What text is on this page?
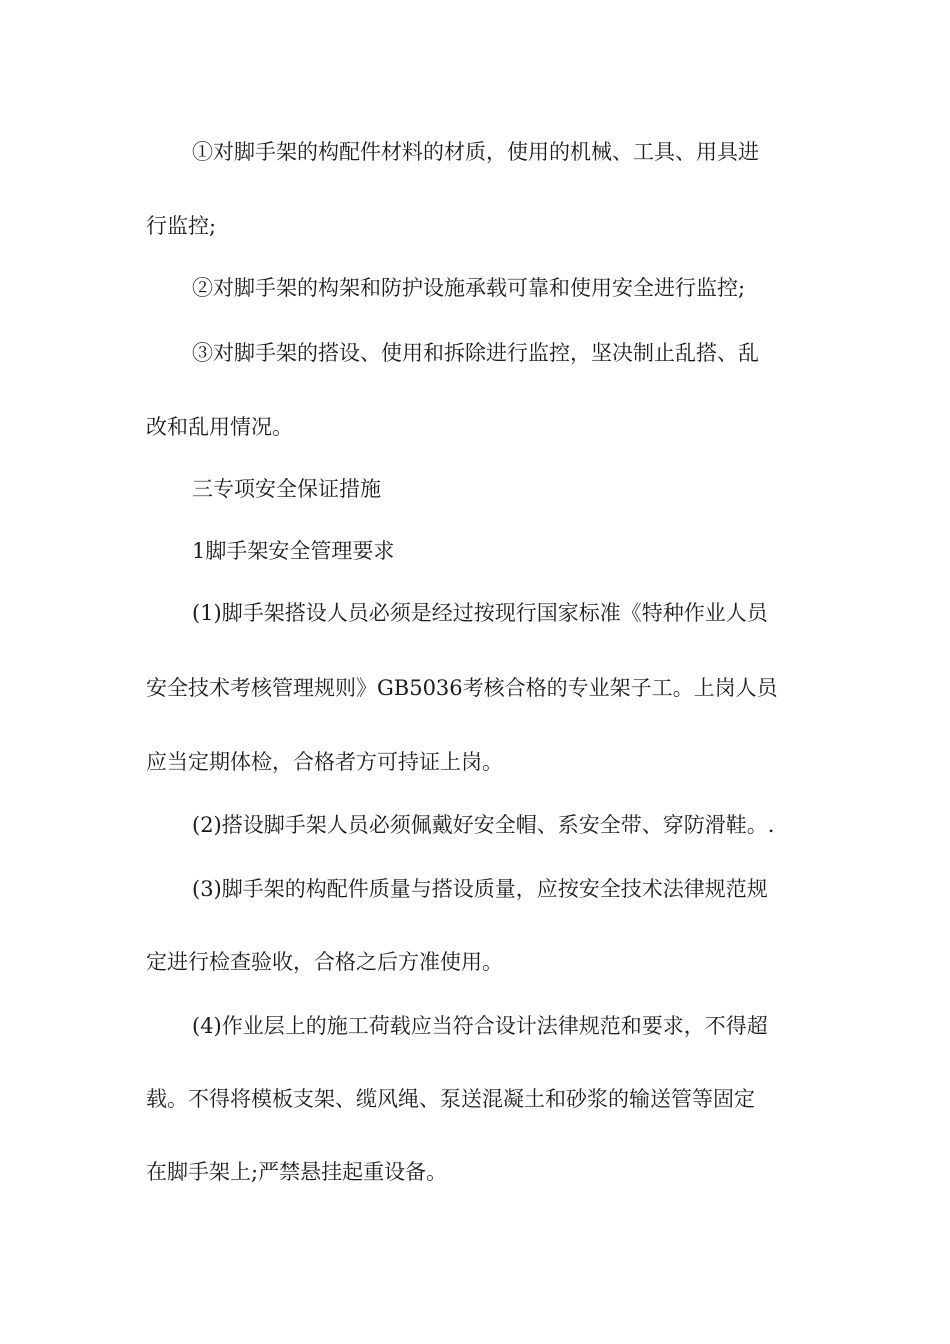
①对脚手架的构配件材料的材质，使用的机械、工具、用具进
行监控;
②对脚手架的构架和防护设施承载可靠和使用安全进行监控;
③对脚手架的搭设、使用和拆除进行监控，坚决制止乱搭、乱
改和乱用情况。
三专项安全保证措施
1脚手架安全管理要求
(1)脚手架搭设人员必须是经过按现行国家标准《特种作业人员
安全技术考核管理规则》GB5036考核合格的专业架子工。上岗人员
应当定期体检，合格者方可持证上岗。
(2)搭设脚手架人员必须佩戴好安全帽、系安全带、穿防滑鞋。.
(3)脚手架的构配件质量与搭设质量，应按安全技术法律规范规
定进行检查验收，合格之后方准使用。
(4)作业层上的施工荷载应当符合设计法律规范和要求，不得超
载。不得将模板支架、缆风绳、泵送混凝土和砂浆的输送管等固定
在脚手架上;严禁悬挂起重设备。
